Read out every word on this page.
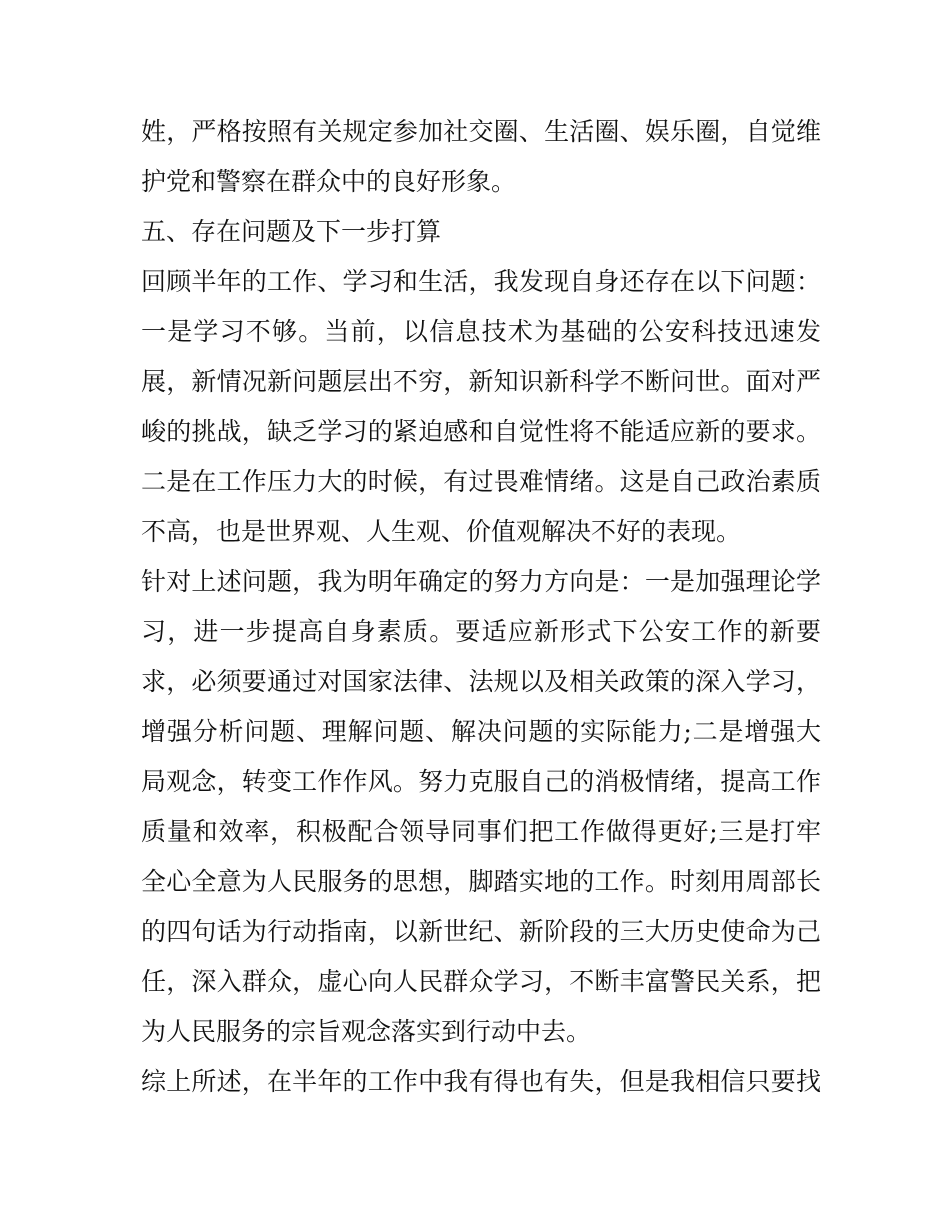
姓，严格按照有关规定参加社交圈、生活圈、娱乐圈，自觉维
护党和警察在群众中的良好形象。
五、存在问题及下一步打算
回顾半年的工作、学习和生活，我发现自身还存在以下问题：
一是学习不够。当前，以信息技术为基础的公安科技迅速发
展，新情况新问题层出不穷，新知识新科学不断问世。面对严
峻的挑战，缺乏学习的紧迫感和自觉性将不能适应新的要求。
二是在工作压力大的时候，有过畏难情绪。这是自己政治素质
不高，也是世界观、人生观、价值观解决不好的表现。
针对上述问题，我为明年确定的努力方向是：一是加强理论学
习，进一步提高自身素质。要适应新形式下公安工作的新要
求，必须要通过对国家法律、法规以及相关政策的深入学习，
增强分析问题、理解问题、解决问题的实际能力;二是增强大
局观念，转变工作作风。努力克服自己的消极情绪，提高工作
质量和效率，积极配合领导同事们把工作做得更好;三是打牢
全心全意为人民服务的思想，脚踏实地的工作。时刻用周部长
的四句话为行动指南，以新世纪、新阶段的三大历史使命为己
任，深入群众，虚心向人民群众学习，不断丰富警民关系，把
为人民服务的宗旨观念落实到行动中去。
综上所述，在半年的工作中我有得也有失，但是我相信只要找
